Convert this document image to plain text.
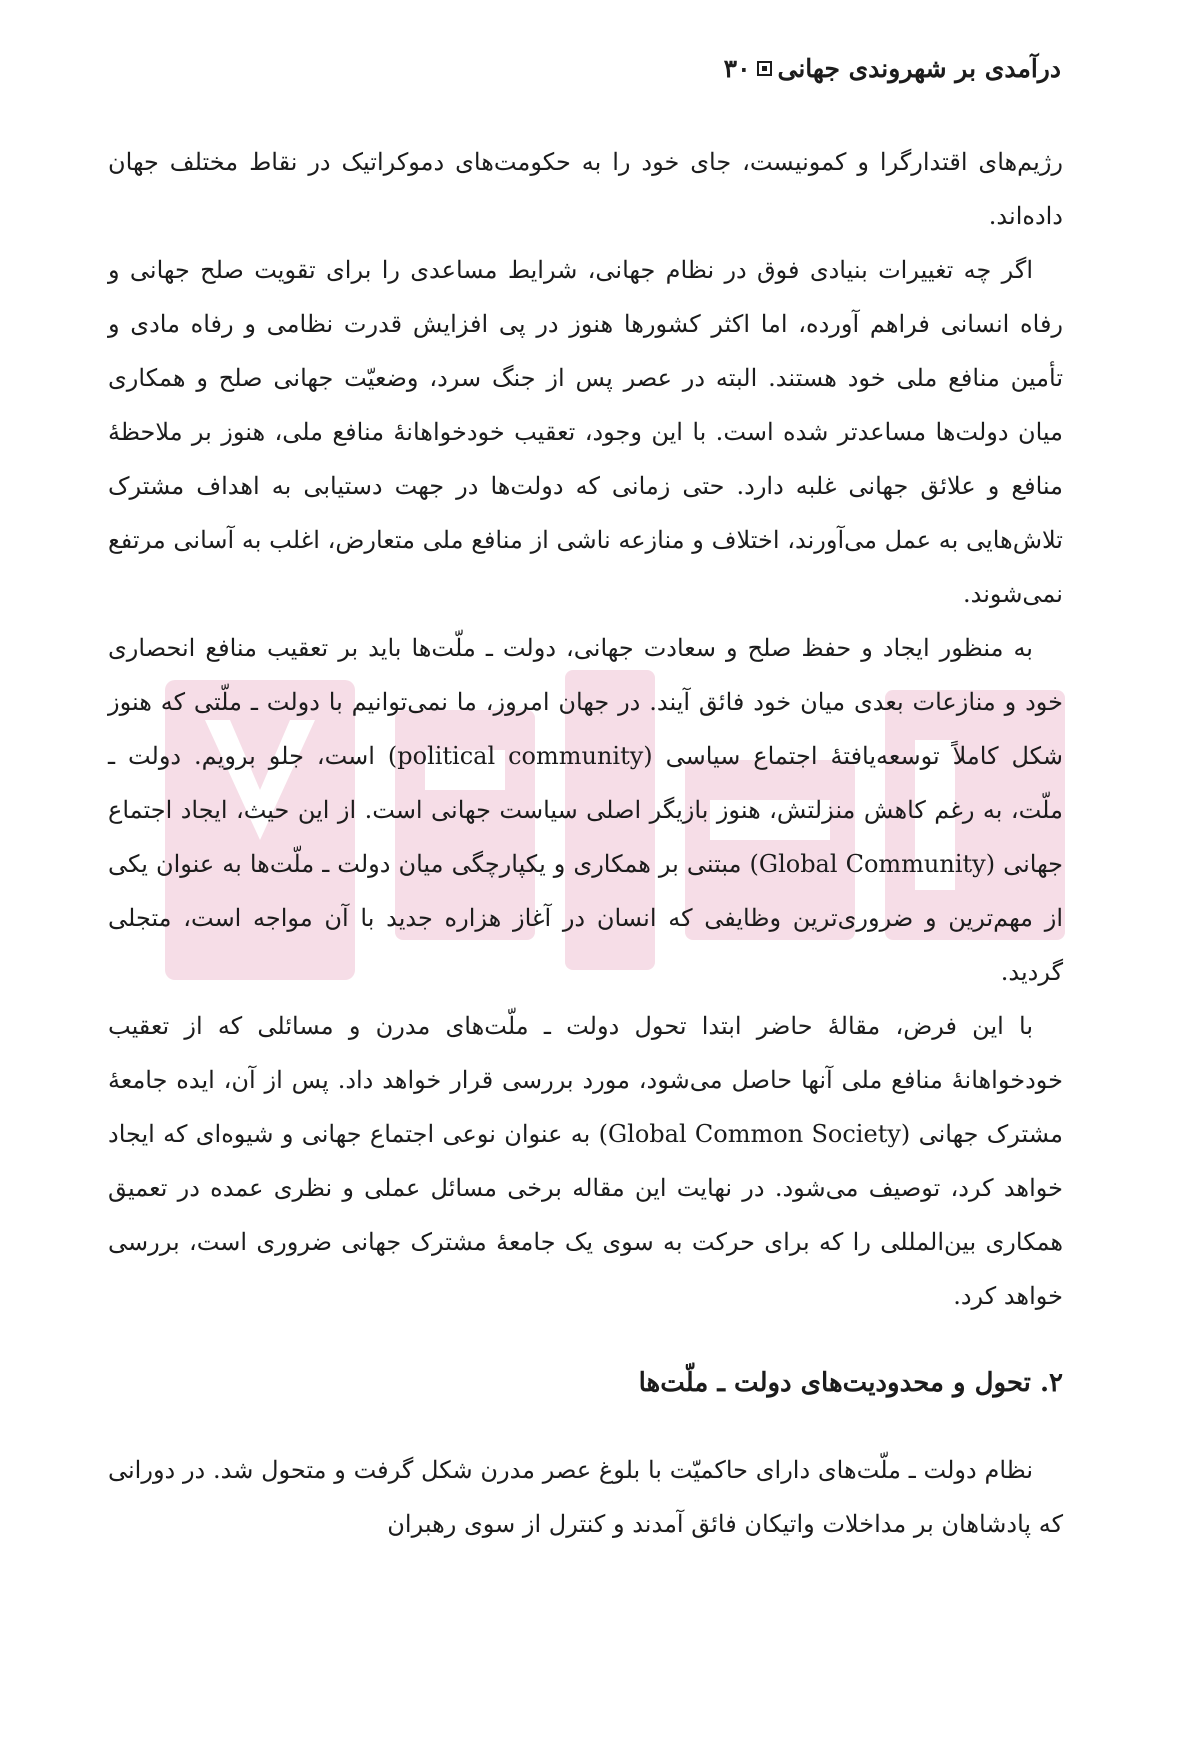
۳۰ درآمدی بر شهروندی جهانی

رژیم‌های اقتدارگرا و کمونیست، جای خود را به حکومت‌های دموکراتیک در نقاط مختلف جهان داده‌اند.

اگر چه تغییرات بنیادی فوق در نظام جهانی، شرایط مساعدی را برای تقویت صلح جهانی و رفاه انسانی فراهم آورده، اما اکثر کشورها هنوز در پی افزایش قدرت نظامی و رفاه مادی و تأمین منافع ملی خود هستند. البته در عصر پس از جنگ سرد، وضعیّت جهانی صلح و همکاری میان دولت‌ها مساعدتر شده است. با این وجود، تعقیب خودخواهانهٔ منافع ملی، هنوز بر ملاحظهٔ منافع و علائق جهانی غلبه دارد. حتی زمانی که دولت‌ها در جهت دستیابی به اهداف مشترک تلاش‌هایی به عمل می‌آورند، اختلاف و منازعه ناشی از منافع ملی متعارض، اغلب به آسانی مرتفع نمی‌شوند.

به منظور ایجاد و حفظ صلح و سعادت جهانی، دولت ـ ملّت‌ها باید بر تعقیب منافع انحصاری خود و منازعات بعدی میان خود فائق آیند. در جهان امروز، ما نمی‌توانیم با دولت ـ ملّتی که هنوز شکل کاملاً توسعه‌یافتهٔ اجتماع سیاسی (political community) است، جلو برویم. دولت ـ ملّت، به رغم کاهش منزلتش، هنوز بازیگر اصلی سیاست جهانی است. از این حیث، ایجاد اجتماع جهانی (Global Community) مبتنی بر همکاری و یکپارچگی میان دولت ـ ملّت‌ها به عنوان یکی از مهم‌ترین و ضروری‌ترین وظایفی که انسان در آغاز هزاره جدید با آن مواجه است، متجلی گردید.

با این فرض، مقالهٔ حاضر ابتدا تحول دولت ـ ملّت‌های مدرن و مسائلی که از تعقیب خودخواهانهٔ منافع ملی آنها حاصل می‌شود، مورد بررسی قرار خواهد داد. پس از آن، ایده جامعهٔ مشترک جهانی (Global Common Society) به عنوان نوعی اجتماع جهانی و شیوه‌ای که ایجاد خواهد کرد، توصیف می‌شود. در نهایت این مقاله برخی مسائل عملی و نظری عمده در تعمیق همکاری بین‌المللی را که برای حرکت به سوی یک جامعهٔ مشترک جهانی ضروری است، بررسی خواهد کرد.

۲. تحول و محدودیت‌های دولت ـ ملّت‌ها

نظام دولت ـ ملّت‌های دارای حاکمیّت با بلوغ عصر مدرن شکل گرفت و متحول شد. در دورانی که پادشاهان بر مداخلات واتیکان فائق آمدند و کنترل از سوی رهبران
